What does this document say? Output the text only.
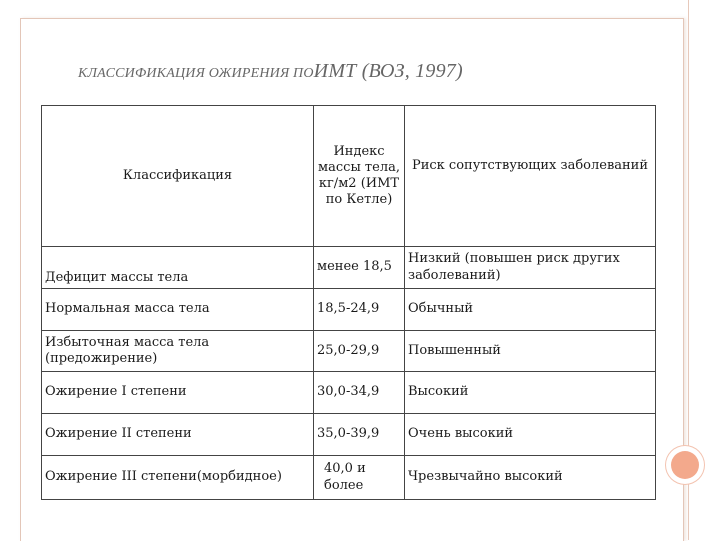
КЛАССИФИКАЦИЯ ОЖИРЕНИЯ ПОИМТ (ВОЗ, 1997)
Классификация	Индекс массы тела, кг/м2 (ИМТ по Кетле)	Риск сопутствующих заболеваний
Дефицит массы тела	менее 18,5	Низкий (повышен риск других заболеваний)
Нормальная масса тела	18,5-24,9	Обычный
Избыточная масса тела (предожирение)	25,0-29,9	Повышенный
Ожирение I степени	30,0-34,9	Высокий
Ожирение II степени	35,0-39,9	Очень высокий
Ожирение III степени(морбидное)	40,0 и более	Чрезвычайно высокий
